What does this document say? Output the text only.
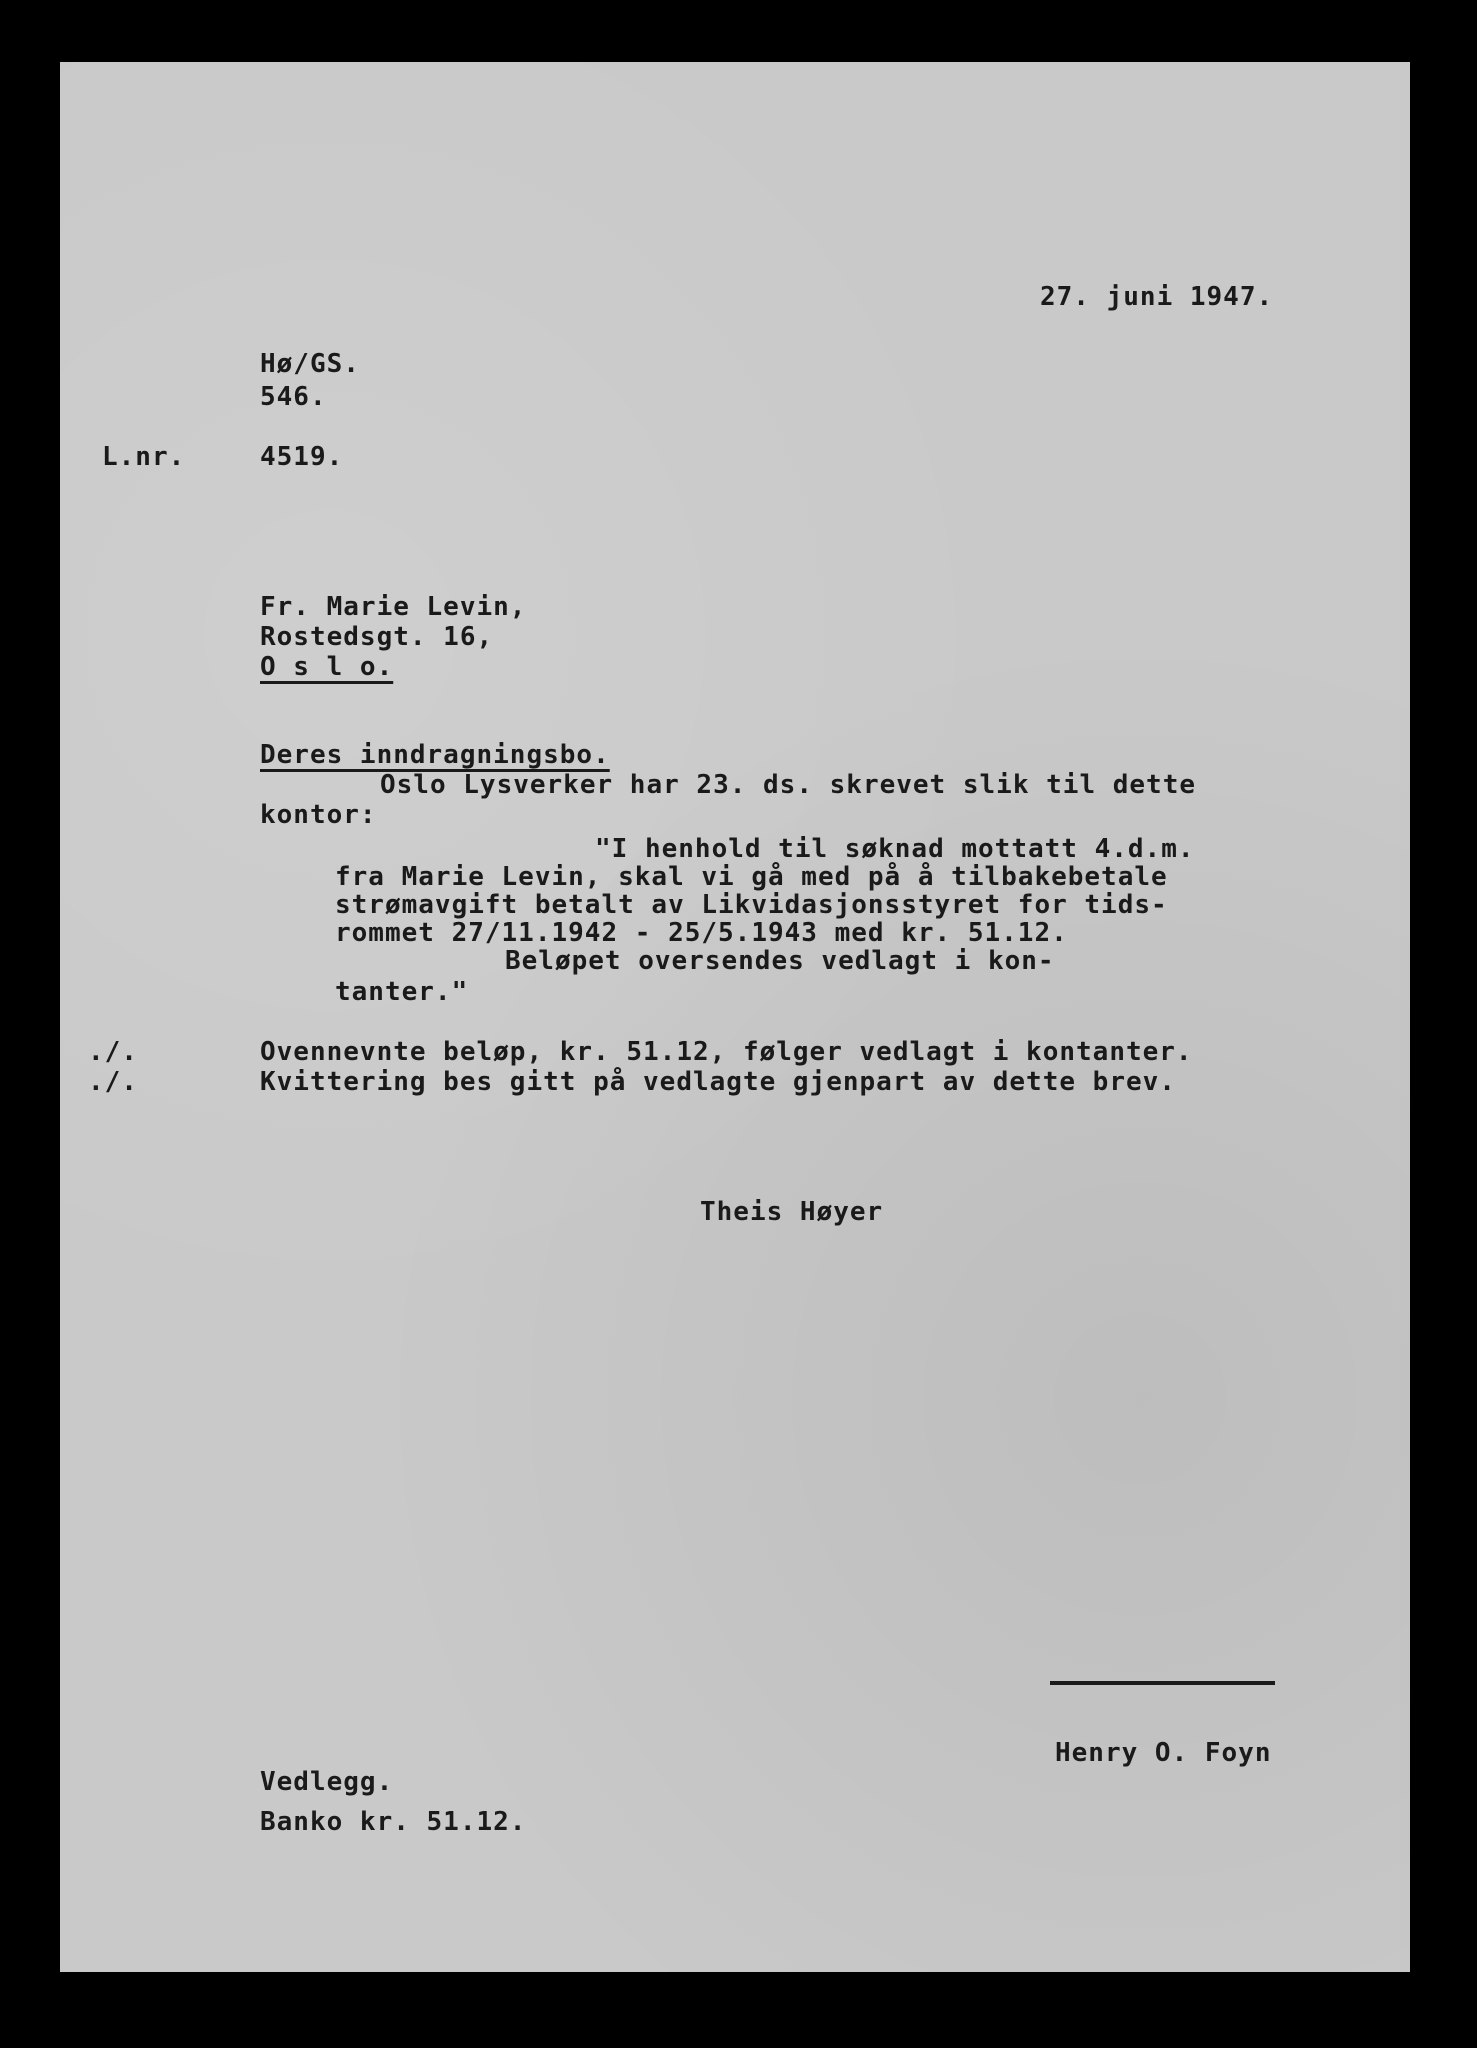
27. juni 1947.
Hø/GS.
546.
L.nr.	4519.
Fr. Marie Levin,
Rostedsgt. 16,
O s l o.
Deres inndragningsbo.
Oslo Lysverker har 23. ds. skrevet slik til dette
kontor:
"I henhold til søknad mottatt 4.d.m.
fra Marie Levin, skal vi gå med på å tilbakebetale
strømavgift betalt av Likvidasjonsstyret for tids-
rommet 27/11.1942 - 25/5.1943 med kr. 51.12.
Beløpet oversendes vedlagt i kon-
tanter."
./.	Ovennevnte beløp, kr. 51.12, følger vedlagt i kontanter.
./.	Kvittering bes gitt på vedlagte gjenpart av dette brev.
Theis Høyer
Henry O. Foyn
Vedlegg.
Banko kr. 51.12.
